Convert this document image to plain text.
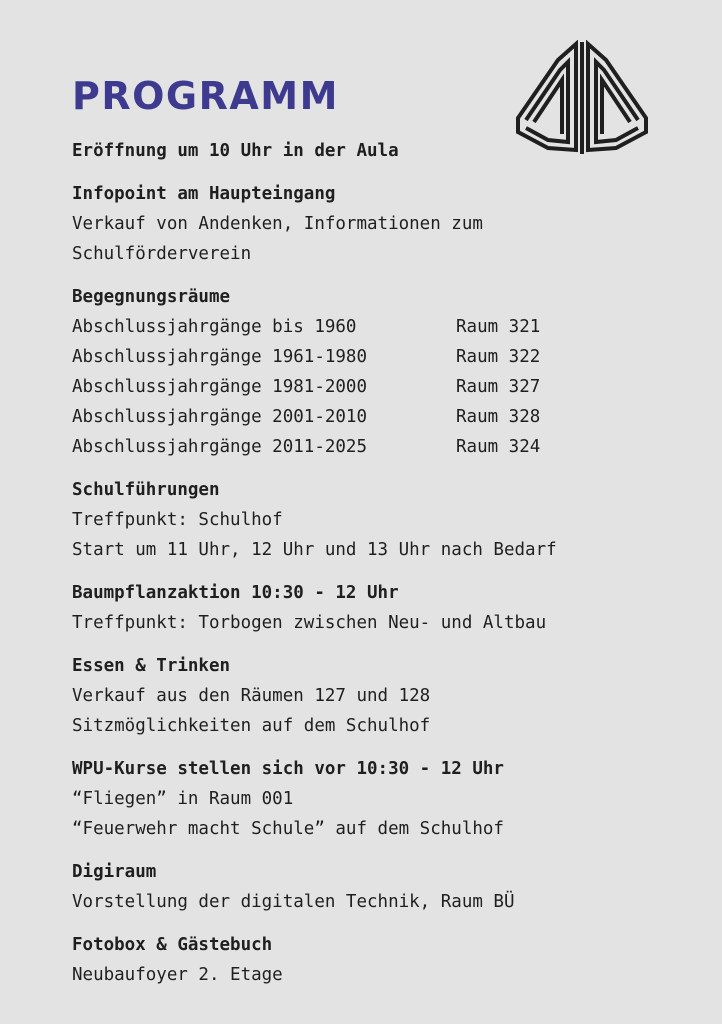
PROGRAMM

Eröffnung um 10 Uhr in der Aula

Infopoint am Haupteingang

Verkauf von Andenken, Informationen zum

Schulförderverein

Begegnungsräume
Abschlussjahrgänge bis 1960	Raum 321
Abschlussjahrgänge 1961-1980	Raum 322
Abschlussjahrgänge 1981-2000	Raum 327
Abschlussjahrgänge 2001-2010	Raum 328
Abschlussjahrgänge 2011-2025	Raum 324
Schulführungen

Treffpunkt: Schulhof

Start um 11 Uhr, 12 Uhr und 13 Uhr nach Bedarf

Baumpflanzaktion 10:30 - 12 Uhr

Treffpunkt: Torbogen zwischen Neu- und Altbau

Essen & Trinken

Verkauf aus den Räumen 127 und 128

Sitzmöglichkeiten auf dem Schulhof

WPU-Kurse stellen sich vor 10:30 - 12 Uhr

“Fliegen” in Raum 001

“Feuerwehr macht Schule” auf dem Schulhof

Digiraum

Vorstellung der digitalen Technik, Raum BÜ

Fotobox & Gästebuch

Neubaufoyer 2. Etage
